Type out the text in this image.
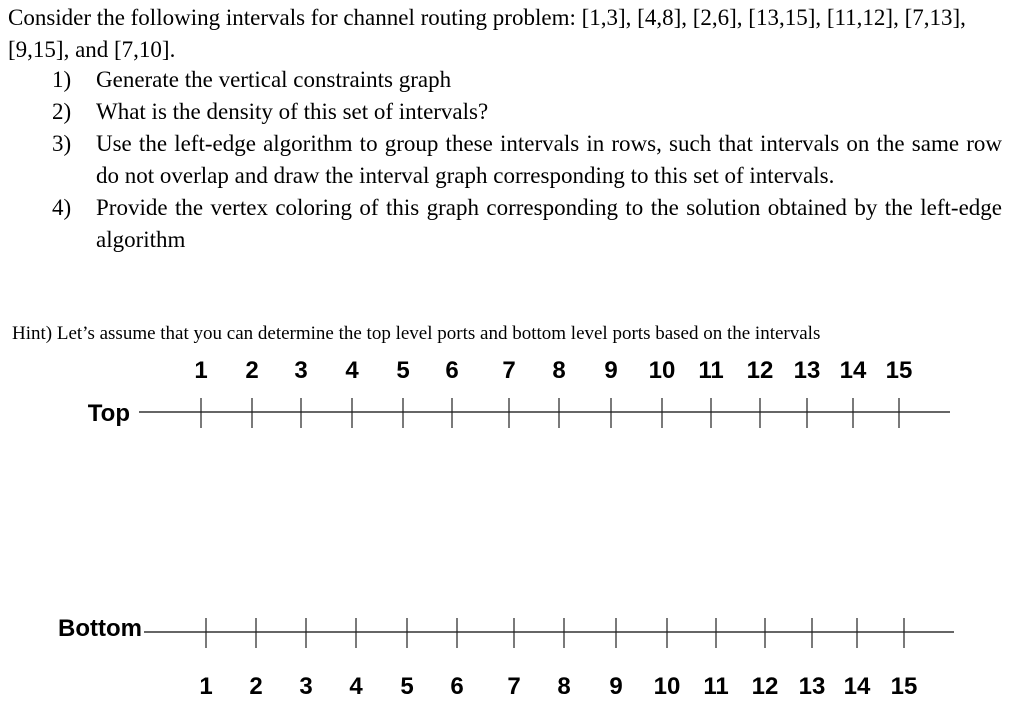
Consider the following intervals for channel routing problem: [1,3], [4,8], [2,6], [13,15], [11,12], [7,13], [9,15], and [7,10].
1) Generate the vertical constraints graph
2) What is the density of this set of intervals?
3) Use the left-edge algorithm to group these intervals in rows, such that intervals on the same row do not overlap and draw the interval graph corresponding to this set of intervals.
4) Provide the vertex coloring of this graph corresponding to the solution obtained by the left-edge algorithm
Hint) Let’s assume that you can determine the top level ports and bottom level ports based on the intervals
Top
Bottom
1
1
2
2
3
3
4
4
5
5
6
6
7
7
8
8
9
9
10
10
11
11
12
12
13
13
14
14
15
15
